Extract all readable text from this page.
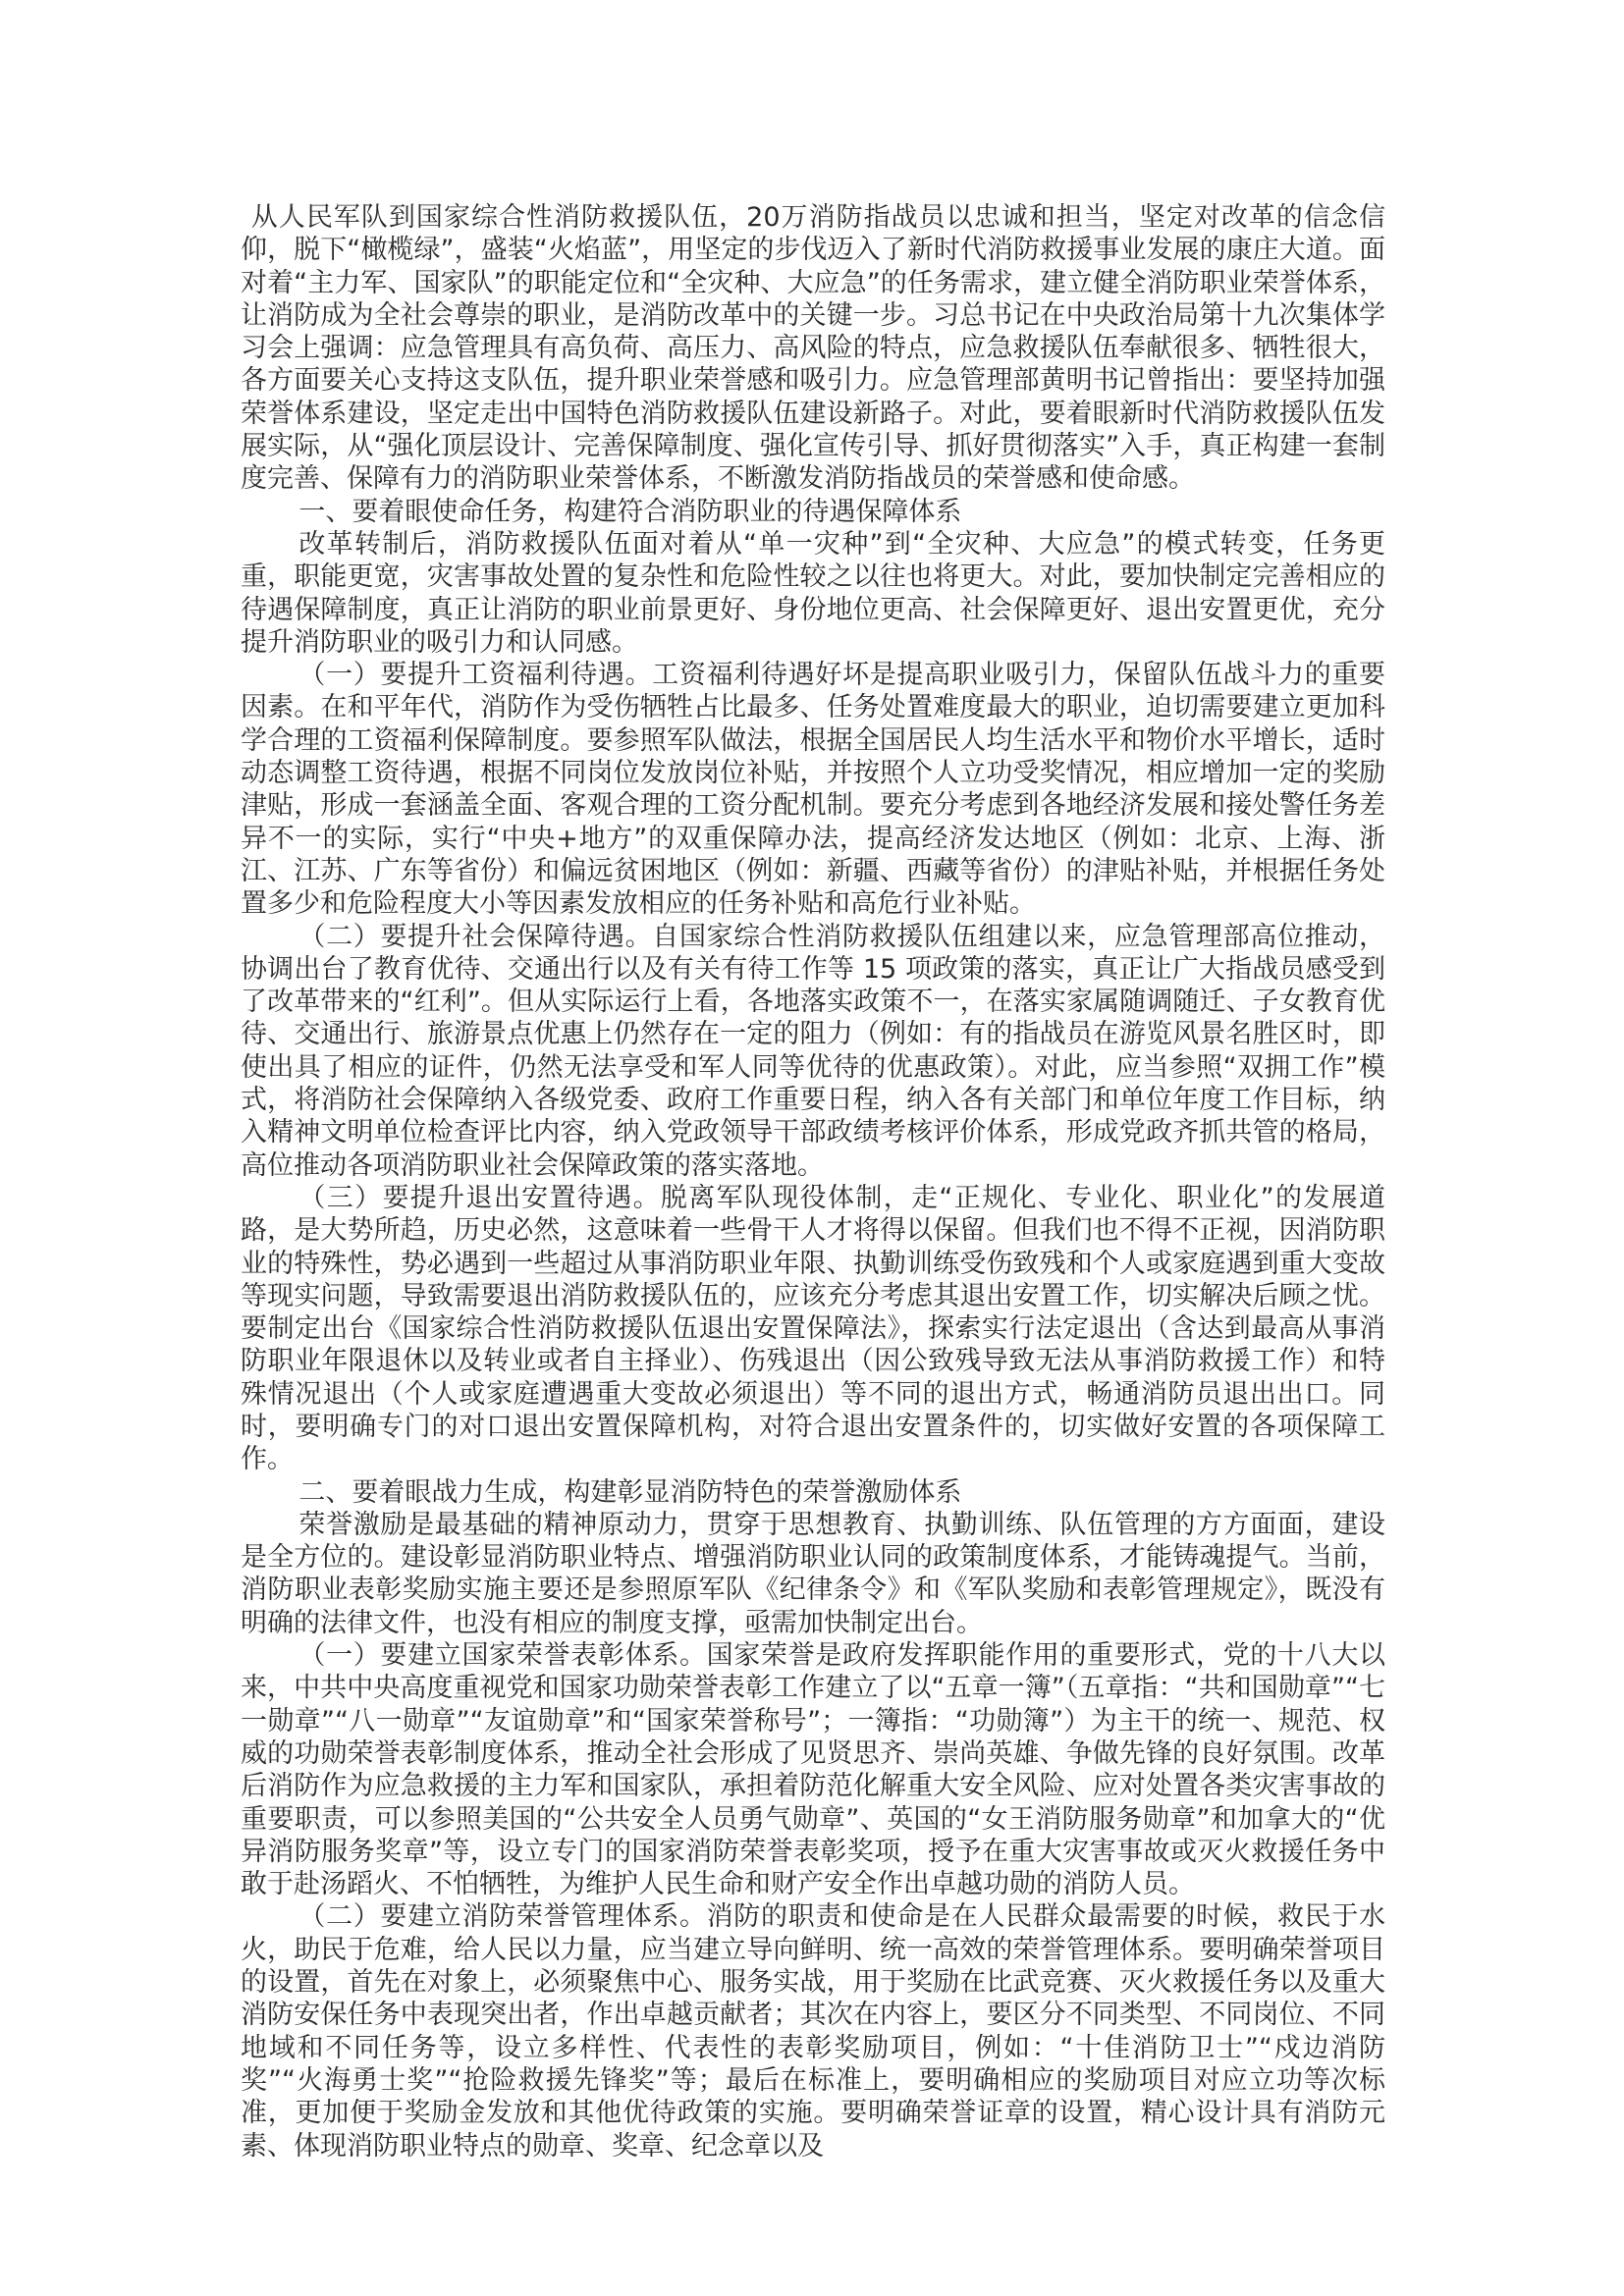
从人民军队到国家综合性消防救援队伍，20万消防指战员以忠诚和担当，坚定对改革的信念信仰，脱下“橄榄绿”，盛装“火焰蓝”，用坚定的步伐迈入了新时代消防救援事业发展的康庄大道。面对着“主力军、国家队”的职能定位和“全灾种、大应急”的任务需求，建立健全消防职业荣誉体系，让消防成为全社会尊崇的职业，是消防改革中的关键一步。习总书记在中央政治局第十九次集体学习会上强调：应急管理具有高负荷、高压力、高风险的特点，应急救援队伍奉献很多、牺牲很大，各方面要关心支持这支队伍，提升职业荣誉感和吸引力。应急管理部黄明书记曾指出：要坚持加强荣誉体系建设，坚定走出中国特色消防救援队伍建设新路子。对此，要着眼新时代消防救援队伍发展实际，从“强化顶层设计、完善保障制度、强化宣传引导、抓好贯彻落实”入手，真正构建一套制度完善、保障有力的消防职业荣誉体系，不断激发消防指战员的荣誉感和使命感。

一、要着眼使命任务，构建符合消防职业的待遇保障体系

改革转制后，消防救援队伍面对着从“单一灾种”到“全灾种、大应急”的模式转变，任务更重，职能更宽，灾害事故处置的复杂性和危险性较之以往也将更大。对此，要加快制定完善相应的待遇保障制度，真正让消防的职业前景更好、身份地位更高、社会保障更好、退出安置更优，充分提升消防职业的吸引力和认同感。

（一）要提升工资福利待遇。工资福利待遇好坏是提高职业吸引力，保留队伍战斗力的重要因素。在和平年代，消防作为受伤牺牲占比最多、任务处置难度最大的职业，迫切需要建立更加科学合理的工资福利保障制度。要参照军队做法，根据全国居民人均生活水平和物价水平增长，适时动态调整工资待遇，根据不同岗位发放岗位补贴，并按照个人立功受奖情况，相应增加一定的奖励津贴，形成一套涵盖全面、客观合理的工资分配机制。要充分考虑到各地经济发展和接处警任务差异不一的实际，实行“中央+地方”的双重保障办法，提高经济发达地区（例如：北京、上海、浙江、江苏、广东等省份）和偏远贫困地区（例如：新疆、西藏等省份）的津贴补贴，并根据任务处置多少和危险程度大小等因素发放相应的任务补贴和高危行业补贴。

（二）要提升社会保障待遇。自国家综合性消防救援队伍组建以来，应急管理部高位推动，协调出台了教育优待、交通出行以及有关有待工作等 15 项政策的落实，真正让广大指战员感受到了改革带来的“红利”。但从实际运行上看，各地落实政策不一，在落实家属随调随迁、子女教育优待、交通出行、旅游景点优惠上仍然存在一定的阻力（例如：有的指战员在游览风景名胜区时，即使出具了相应的证件，仍然无法享受和军人同等优待的优惠政策）。对此，应当参照“双拥工作”模式，将消防社会保障纳入各级党委、政府工作重要日程，纳入各有关部门和单位年度工作目标，纳入精神文明单位检查评比内容，纳入党政领导干部政绩考核评价体系，形成党政齐抓共管的格局，高位推动各项消防职业社会保障政策的落实落地。

（三）要提升退出安置待遇。脱离军队现役体制，走“正规化、专业化、职业化”的发展道路，是大势所趋，历史必然，这意味着一些骨干人才将得以保留。但我们也不得不正视，因消防职业的特殊性，势必遇到一些超过从事消防职业年限、执勤训练受伤致残和个人或家庭遇到重大变故等现实问题，导致需要退出消防救援队伍的，应该充分考虑其退出安置工作，切实解决后顾之忧。要制定出台《国家综合性消防救援队伍退出安置保障法》，探索实行法定退出（含达到最高从事消防职业年限退休以及转业或者自主择业）、伤残退出（因公致残导致无法从事消防救援工作）和特殊情况退出（个人或家庭遭遇重大变故必须退出）等不同的退出方式，畅通消防员退出出口。同时，要明确专门的对口退出安置保障机构，对符合退出安置条件的，切实做好安置的各项保障工作。

二、要着眼战力生成，构建彰显消防特色的荣誉激励体系

荣誉激励是最基础的精神原动力，贯穿于思想教育、执勤训练、队伍管理的方方面面，建设是全方位的。建设彰显消防职业特点、增强消防职业认同的政策制度体系，才能铸魂提气。当前，消防职业表彰奖励实施主要还是参照原军队《纪律条令》和《军队奖励和表彰管理规定》，既没有明确的法律文件，也没有相应的制度支撑，亟需加快制定出台。

（一）要建立国家荣誉表彰体系。国家荣誉是政府发挥职能作用的重要形式，党的十八大以来，中共中央高度重视党和国家功勋荣誉表彰工作建立了以“五章一簿”（五章指：“共和国勋章”“七一勋章”“八一勋章”“友谊勋章”和“国家荣誉称号”；一簿指：“功勋簿”）为主干的统一、规范、权威的功勋荣誉表彰制度体系，推动全社会形成了见贤思齐、崇尚英雄、争做先锋的良好氛围。改革后消防作为应急救援的主力军和国家队，承担着防范化解重大安全风险、应对处置各类灾害事故的重要职责，可以参照美国的“公共安全人员勇气勋章”、英国的“女王消防服务勋章”和加拿大的“优异消防服务奖章”等，设立专门的国家消防荣誉表彰奖项，授予在重大灾害事故或灭火救援任务中敢于赴汤蹈火、不怕牺牲，为维护人民生命和财产安全作出卓越功勋的消防人员。

（二）要建立消防荣誉管理体系。消防的职责和使命是在人民群众最需要的时候，救民于水火，助民于危难，给人民以力量，应当建立导向鲜明、统一高效的荣誉管理体系。要明确荣誉项目的设置，首先在对象上，必须聚焦中心、服务实战，用于奖励在比武竞赛、灭火救援任务以及重大消防安保任务中表现突出者，作出卓越贡献者；其次在内容上，要区分不同类型、不同岗位、不同地域和不同任务等，设立多样性、代表性的表彰奖励项目，例如：“十佳消防卫士”“戍边消防奖”“火海勇士奖”“抢险救援先锋奖”等；最后在标准上，要明确相应的奖励项目对应立功等次标准，更加便于奖励金发放和其他优待政策的实施。要明确荣誉证章的设置，精心设计具有消防元素、体现消防职业特点的勋章、奖章、纪念章以及
